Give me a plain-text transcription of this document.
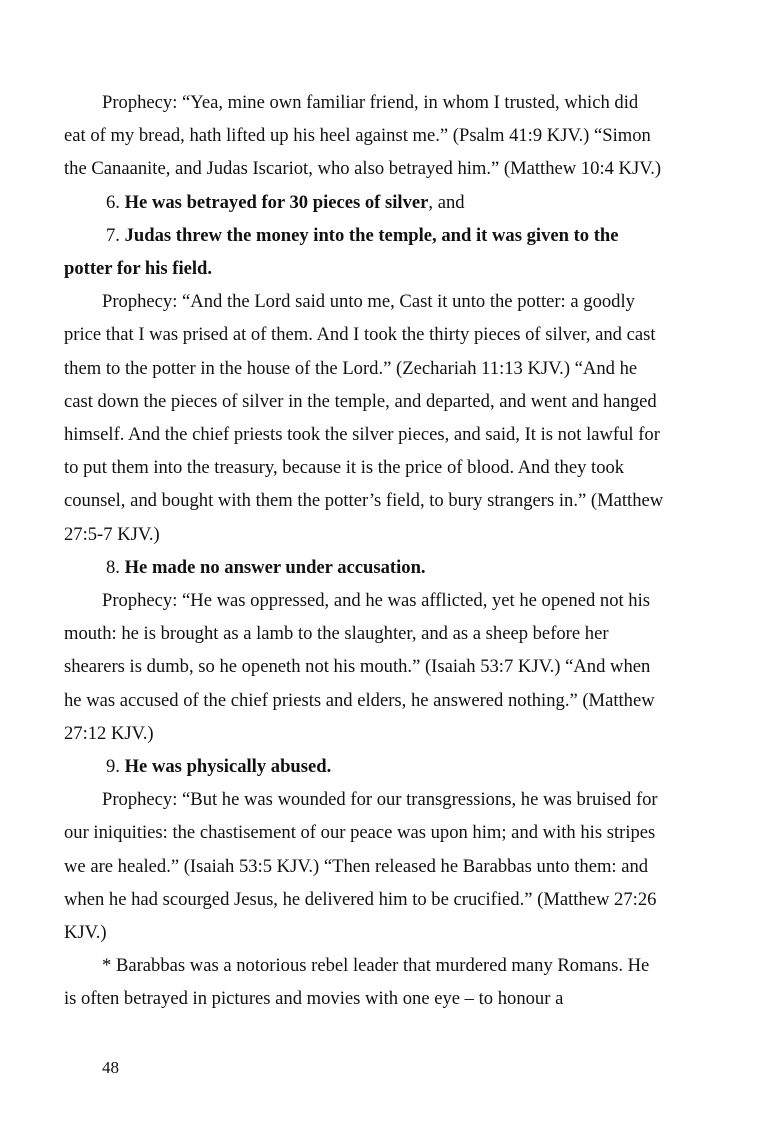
Prophecy: “Yea, mine own familiar friend, in whom I trusted, which did eat of my bread, hath lifted up his heel against me.” (Psalm 41:9 KJV.) “Simon the Canaanite, and Judas Iscariot, who also betrayed him.” (Matthew 10:4 KJV.)

6. He was betrayed for 30 pieces of silver, and

7. Judas threw the money into the temple, and it was given to the potter for his field.

Prophecy: “And the Lord said unto me, Cast it unto the potter: a goodly price that I was prised at of them. And I took the thirty pieces of silver, and cast them to the potter in the house of the Lord.” (Zechariah 11:13 KJV.) “And he cast down the pieces of silver in the temple, and departed, and went and hanged himself. And the chief priests took the silver pieces, and said, It is not lawful for to put them into the treasury, because it is the price of blood. And they took counsel, and bought with them the potter’s field, to bury strangers in.” (Matthew 27:5-7 KJV.)

8. He made no answer under accusation.

Prophecy: “He was oppressed, and he was afflicted, yet he opened not his mouth: he is brought as a lamb to the slaughter, and as a sheep before her shearers is dumb, so he openeth not his mouth.” (Isaiah 53:7 KJV.) “And when he was accused of the chief priests and elders, he answered nothing.” (Matthew 27:12 KJV.)

9. He was physically abused.

Prophecy: “But he was wounded for our transgressions, he was bruised for our iniquities: the chastisement of our peace was upon him; and with his stripes we are healed.” (Isaiah 53:5 KJV.) “Then released he Barabbas unto them: and when he had scourged Jesus, he delivered him to be crucified.” (Matthew 27:26 KJV.)

* Barabbas was a notorious rebel leader that murdered many Romans. He is often betrayed in pictures and movies with one eye – to honour a

48
